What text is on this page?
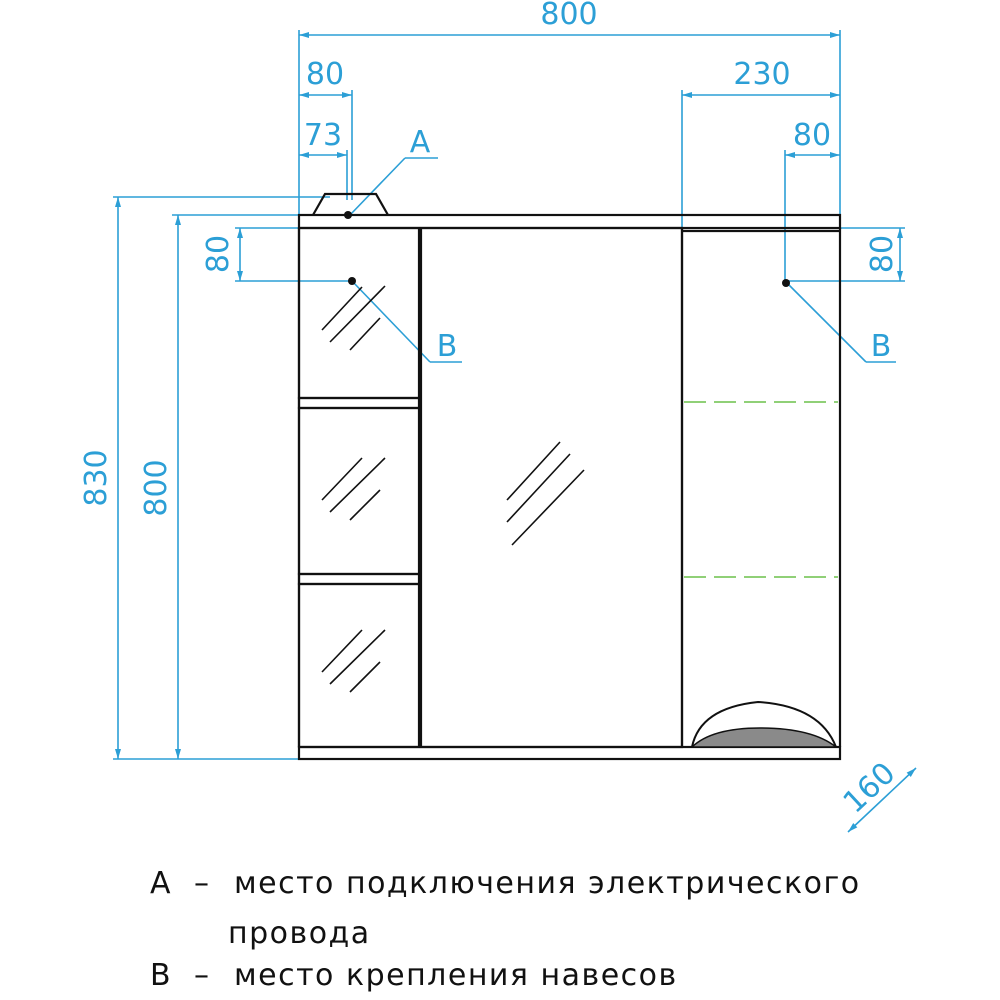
800
80
73
230
80
80	80
830 800
160
A
B	B
A – место подключения электрического
провода
B – место крепления навесов
